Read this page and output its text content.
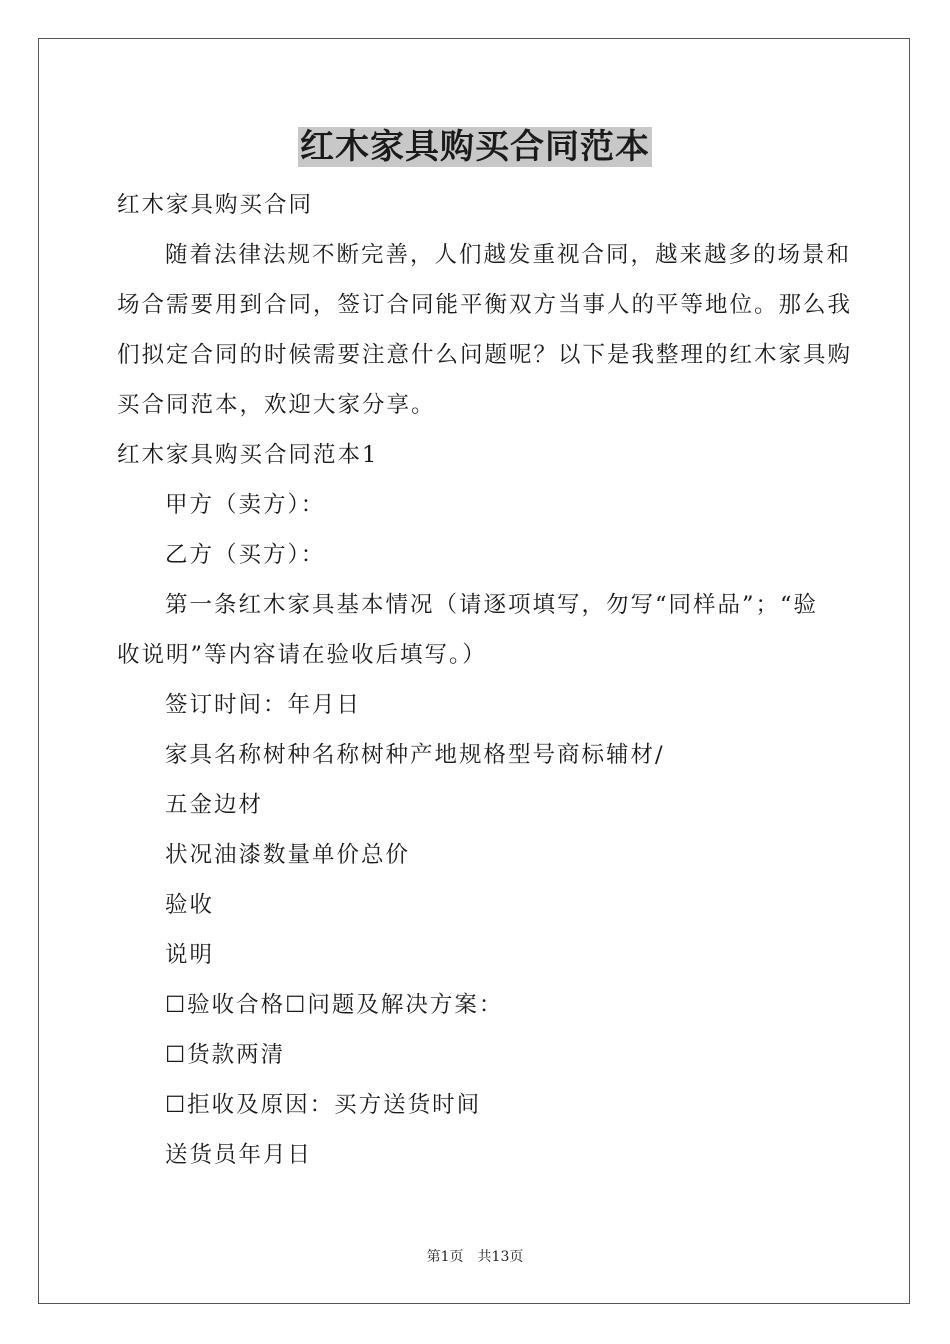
红木家具购买合同范本

红木家具购买合同

随着法律法规不断完善，人们越发重视合同，越来越多的场景和

场合需要用到合同，签订合同能平衡双方当事人的平等地位。那么我

们拟定合同的时候需要注意什么问题呢？以下是我整理的红木家具购

买合同范本，欢迎大家分享。

红木家具购买合同范本1

甲方（卖方）：

乙方（买方）：

第一条红木家具基本情况（请逐项填写，勿写“同样品”；“验

收说明”等内容请在验收后填写。）

签订时间：年月日

家具名称树种名称树种产地规格型号商标辅材/

五金边材

状况油漆数量单价总价

验收

说明

☐验收合格☐问题及解决方案：

☐货款两清

☐拒收及原因：买方送货时间

送货员年月日

第1页　共13页
